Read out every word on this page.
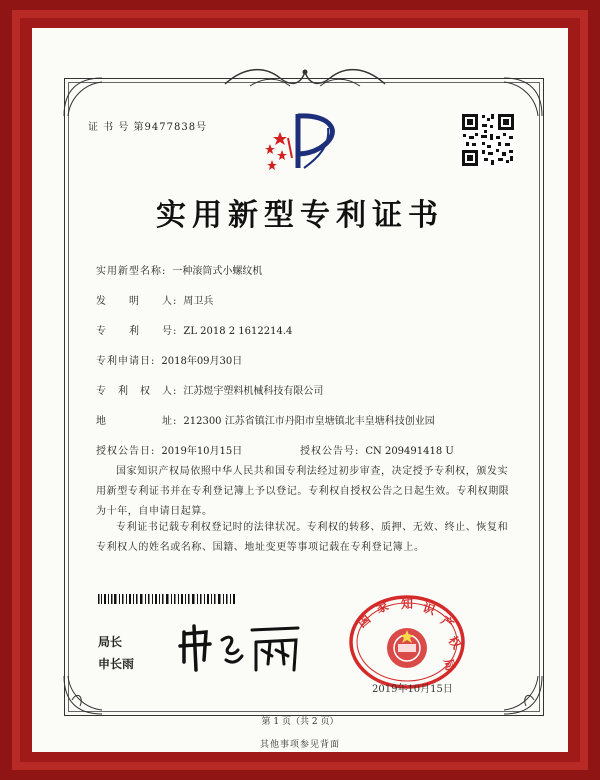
证 书 号 第9477838号
实用新型专利证书
实用新型名称: 一种滚筒式小螺纹机
发　　明　　人: 周卫兵
专　　利　　号: ZL 2018 2 1612214.4
专利申请日: 2018年09月30日
专　利　权　人: 江苏煜宇塑料机械科技有限公司
地　　　　　址: 212300 江苏省镇江市丹阳市皇塘镇北丰皇塘科技创业园
授权公告日: 2019年10月15日	授权公告号: CN 209491418 U
国家知识产权局依照中华人民共和国专利法经过初步审查，决定授予专利权，颁发实用新型专利证书并在专利登记簿上予以登记。专利权自授权公告之日起生效。专利权期限为十年，自申请日起算。
专利证书记载专利权登记时的法律状况。专利权的转移、质押、无效、终止、恢复和专利权人的姓名或名称、国籍、地址变更等事项记载在专利登记簿上。
局长
申长雨
国
家 知 识
产
权
局
2019年10月15日
第 1 页（共 2 页）
其他事项参见背面
